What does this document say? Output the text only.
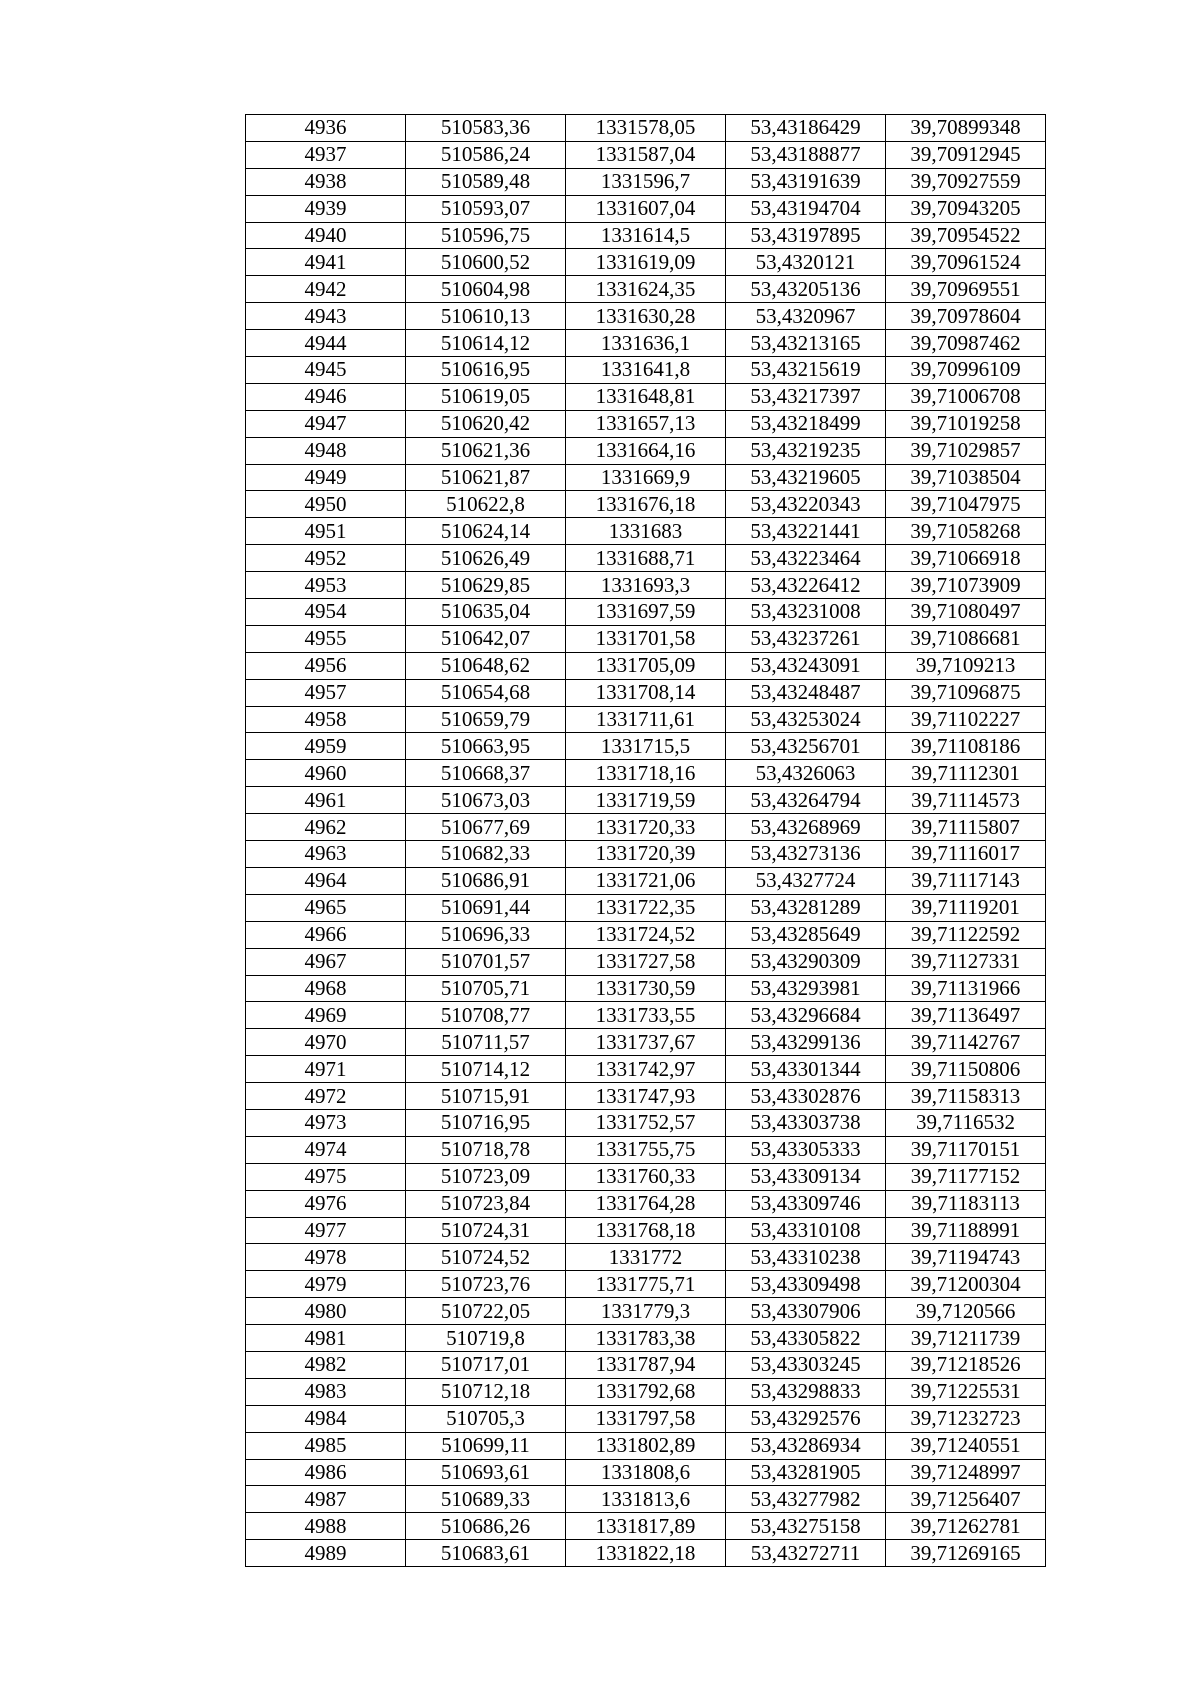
4936	510583,36	1331578,05	53,43186429	39,70899348
4937	510586,24	1331587,04	53,43188877	39,70912945
4938	510589,48	1331596,7	53,43191639	39,70927559
4939	510593,07	1331607,04	53,43194704	39,70943205
4940	510596,75	1331614,5	53,43197895	39,70954522
4941	510600,52	1331619,09	53,4320121	39,70961524
4942	510604,98	1331624,35	53,43205136	39,70969551
4943	510610,13	1331630,28	53,4320967	39,70978604
4944	510614,12	1331636,1	53,43213165	39,70987462
4945	510616,95	1331641,8	53,43215619	39,70996109
4946	510619,05	1331648,81	53,43217397	39,71006708
4947	510620,42	1331657,13	53,43218499	39,71019258
4948	510621,36	1331664,16	53,43219235	39,71029857
4949	510621,87	1331669,9	53,43219605	39,71038504
4950	510622,8	1331676,18	53,43220343	39,71047975
4951	510624,14	1331683	53,43221441	39,71058268
4952	510626,49	1331688,71	53,43223464	39,71066918
4953	510629,85	1331693,3	53,43226412	39,71073909
4954	510635,04	1331697,59	53,43231008	39,71080497
4955	510642,07	1331701,58	53,43237261	39,71086681
4956	510648,62	1331705,09	53,43243091	39,7109213
4957	510654,68	1331708,14	53,43248487	39,71096875
4958	510659,79	1331711,61	53,43253024	39,71102227
4959	510663,95	1331715,5	53,43256701	39,71108186
4960	510668,37	1331718,16	53,4326063	39,71112301
4961	510673,03	1331719,59	53,43264794	39,71114573
4962	510677,69	1331720,33	53,43268969	39,71115807
4963	510682,33	1331720,39	53,43273136	39,71116017
4964	510686,91	1331721,06	53,4327724	39,71117143
4965	510691,44	1331722,35	53,43281289	39,71119201
4966	510696,33	1331724,52	53,43285649	39,71122592
4967	510701,57	1331727,58	53,43290309	39,71127331
4968	510705,71	1331730,59	53,43293981	39,71131966
4969	510708,77	1331733,55	53,43296684	39,71136497
4970	510711,57	1331737,67	53,43299136	39,71142767
4971	510714,12	1331742,97	53,43301344	39,71150806
4972	510715,91	1331747,93	53,43302876	39,71158313
4973	510716,95	1331752,57	53,43303738	39,7116532
4974	510718,78	1331755,75	53,43305333	39,71170151
4975	510723,09	1331760,33	53,43309134	39,71177152
4976	510723,84	1331764,28	53,43309746	39,71183113
4977	510724,31	1331768,18	53,43310108	39,71188991
4978	510724,52	1331772	53,43310238	39,71194743
4979	510723,76	1331775,71	53,43309498	39,71200304
4980	510722,05	1331779,3	53,43307906	39,7120566
4981	510719,8	1331783,38	53,43305822	39,71211739
4982	510717,01	1331787,94	53,43303245	39,71218526
4983	510712,18	1331792,68	53,43298833	39,71225531
4984	510705,3	1331797,58	53,43292576	39,71232723
4985	510699,11	1331802,89	53,43286934	39,71240551
4986	510693,61	1331808,6	53,43281905	39,71248997
4987	510689,33	1331813,6	53,43277982	39,71256407
4988	510686,26	1331817,89	53,43275158	39,71262781
4989	510683,61	1331822,18	53,43272711	39,71269165
